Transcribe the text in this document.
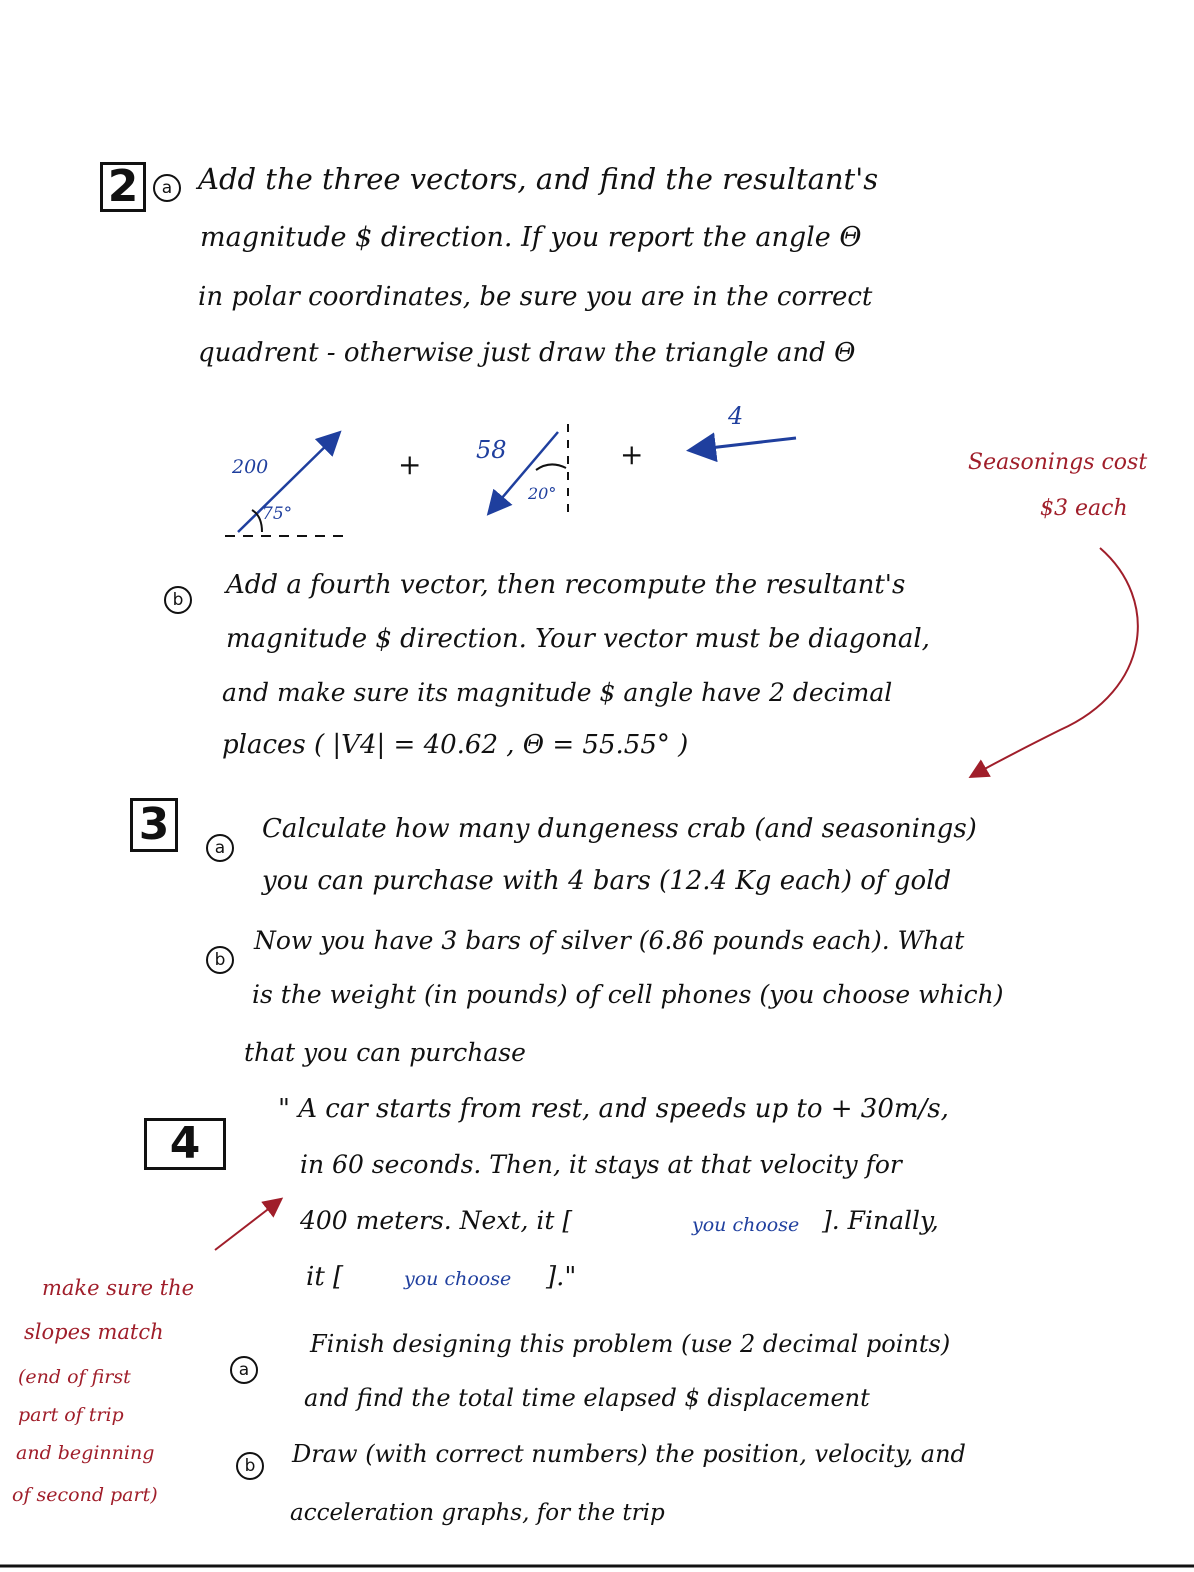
2	a Add the three vectors, and find the resultant's
magnitude $ direction. If you report the angle Θ
in polar coordinates, be sure you are in the correct
quadrent - otherwise just draw the triangle and Θ
200
75°
+ 58
20°
+
4
Seasonings cost
$3 each
b	Add a fourth vector, then recompute the resultant's
magnitude $ direction. Your vector must be diagonal,
and make sure its magnitude $ angle have 2 decimal
places ( |V4| = 40.62 , Θ = 55.55° )
3	a
Calculate how many dungeness crab (and seasonings)
you can purchase with 4 bars (12.4 Kg each) of gold
b
Now you have 3 bars of silver (6.86 pounds each). What
is the weight (in pounds) of cell phones (you choose which)
that you can purchase
4
" A car starts from rest, and speeds up to + 30m/s,
in 60 seconds. Then, it stays at that velocity for
400 meters. Next, it [	you choose ]. Finally,
it [	you choose ]."
make sure the
slopes match
(end of first
part of trip
and beginning
of second part)
a
Finish designing this problem (use 2 decimal points)
and find the total time elapsed $ displacement
b	Draw (with correct numbers) the position, velocity, and
acceleration graphs, for the trip
